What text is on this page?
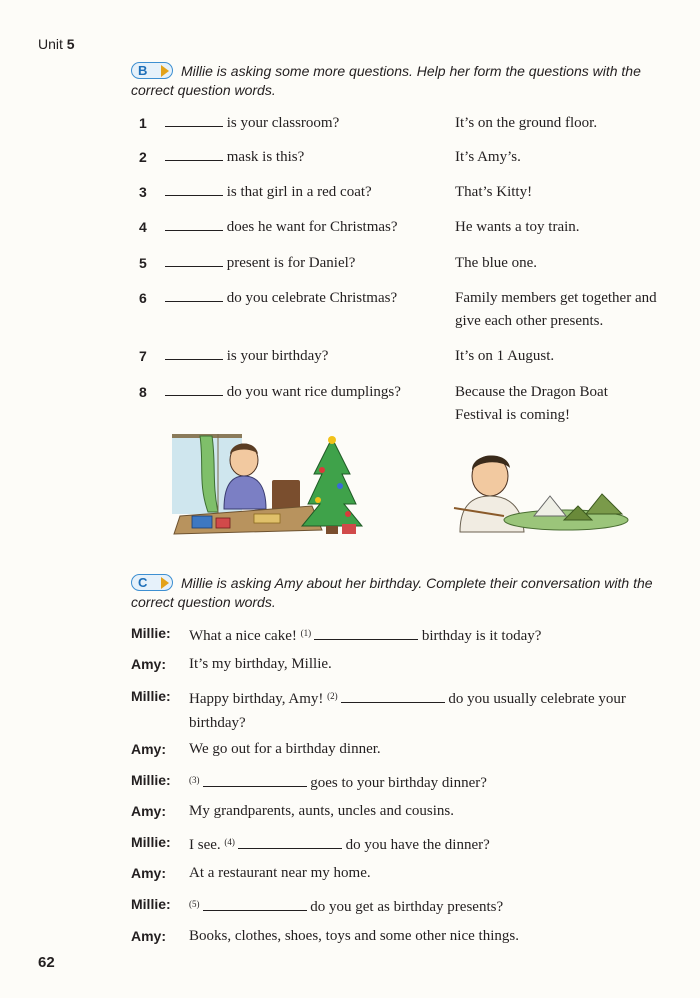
Unit 5
B Millie is asking some more questions. Help her form the questions with the correct question words.
1	is your classroom?	It’s on the ground floor.
2	mask is this?	It’s Amy’s.
3	is that girl in a red coat?	That’s Kitty!
4	does he want for Christmas?	He wants a toy train.
5	present is for Daniel?	The blue one.
6	do you celebrate Christmas?	Family members get together and give each other presents.
7	is your birthday?	It’s on 1 August.
8	do you want rice dumplings?	Because the Dragon Boat Festival is coming!
C Millie is asking Amy about her birthday. Complete their conversation with the correct question words.
Millie: What a nice cake! $^{(1)}$	birthday is it today?
Amy: It’s my birthday, Millie.
Millie: Happy birthday, Amy! $^{(2)}$	do you usually celebrate your birthday?
Amy: We go out for a birthday dinner.
Millie: $^{(3)}$	goes to your birthday dinner?
Amy: My grandparents, aunts, uncles and cousins.
Millie: I see. $^{(4)}$	do you have the dinner?
Amy: At a restaurant near my home.
Millie: $^{(5)}$	do you get as birthday presents?
Amy: Books, clothes, shoes, toys and some other nice things.
62
